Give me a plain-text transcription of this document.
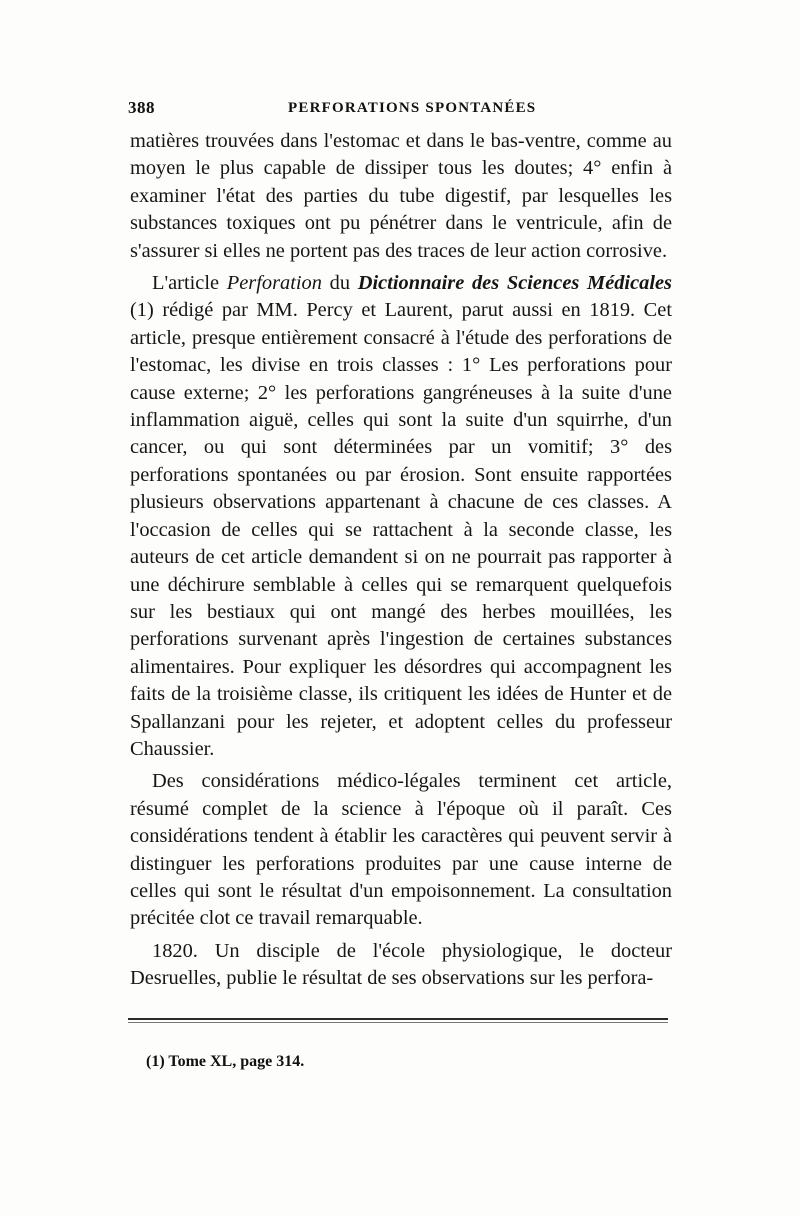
388	PERFORATIONS SPONTANÉES

matières trouvées dans l'estomac et dans le bas-ventre, comme au moyen le plus capable de dissiper tous les doutes; 4° enfin à examiner l'état des parties du tube digestif, par lesquelles les substances toxiques ont pu pénétrer dans le ventricule, afin de s'assurer si elles ne portent pas des traces de leur action corrosive.

L'article Perforation du Dictionnaire des Sciences Médicales (1) rédigé par MM. Percy et Laurent, parut aussi en 1819. Cet article, presque entièrement consacré à l'étude des perforations de l'estomac, les divise en trois classes : 1° Les perforations pour cause externe; 2° les perforations gangréneuses à la suite d'une inflammation aiguë, celles qui sont la suite d'un squirrhe, d'un cancer, ou qui sont déterminées par un vomitif; 3° des perforations spontanées ou par érosion. Sont ensuite rapportées plusieurs observations appartenant à chacune de ces classes. A l'occasion de celles qui se rattachent à la seconde classe, les auteurs de cet article demandent si on ne pourrait pas rapporter à une déchirure semblable à celles qui se remarquent quelquefois sur les bestiaux qui ont mangé des herbes mouillées, les perforations survenant après l'ingestion de certaines substances alimentaires. Pour expliquer les désordres qui accompagnent les faits de la troisième classe, ils critiquent les idées de Hunter et de Spallanzani pour les rejeter, et adoptent celles du professeur Chaussier.

Des considérations médico-légales terminent cet article, résumé complet de la science à l'époque où il paraît. Ces considérations tendent à établir les caractères qui peuvent servir à distinguer les perforations produites par une cause interne de celles qui sont le résultat d'un empoisonnement. La consultation précitée clot ce travail remarquable.

1820. Un disciple de l'école physiologique, le docteur Desruelles, publie le résultat de ses observations sur les perfora-

(1) Tome XL, page 314.
